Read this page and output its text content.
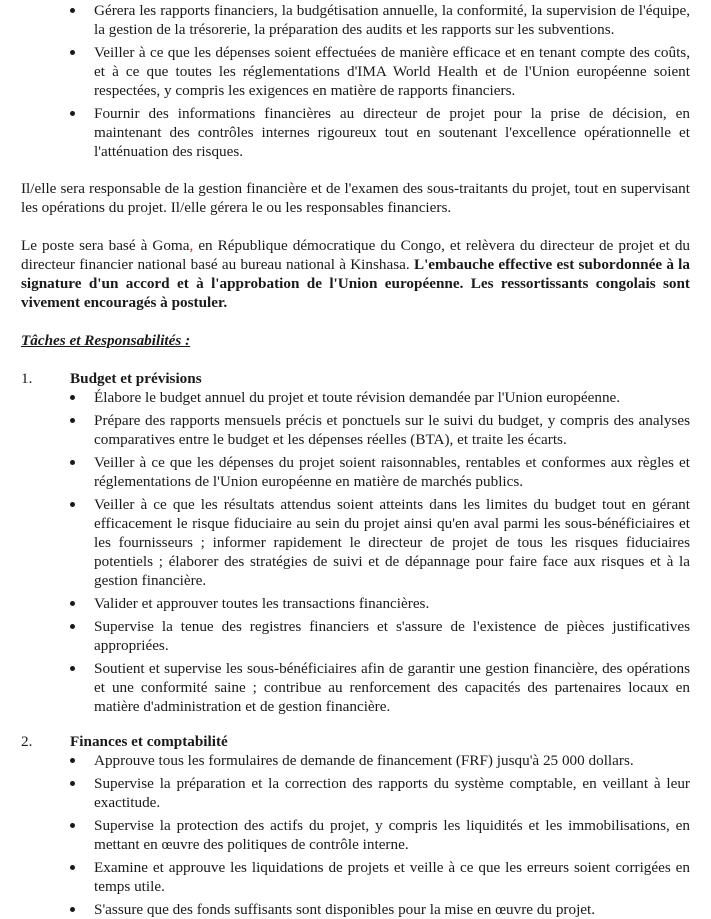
Gérera les rapports financiers, la budgétisation annuelle, la conformité, la supervision de l'équipe, la gestion de la trésorerie, la préparation des audits et les rapports sur les subventions.
Veiller à ce que les dépenses soient effectuées de manière efficace et en tenant compte des coûts, et à ce que toutes les réglementations d'IMA World Health et de l'Union européenne soient respectées, y compris les exigences en matière de rapports financiers.
Fournir des informations financières au directeur de projet pour la prise de décision, en maintenant des contrôles internes rigoureux tout en soutenant l'excellence opérationnelle et l'atténuation des risques.

Il/elle sera responsable de la gestion financière et de l'examen des sous-traitants du projet, tout en supervisant les opérations du projet. Il/elle gérera le ou les responsables financiers.

Le poste sera basé à Goma, en République démocratique du Congo, et relèvera du directeur de projet et du directeur financier national basé au bureau national à Kinshasa. L'embauche effective est subordonnée à la signature d'un accord et à l'approbation de l'Union européenne. Les ressortissants congolais sont vivement encouragés à postuler.

Tâches et Responsabilités :

1. Budget et prévisions
Élabore le budget annuel du projet et toute révision demandée par l'Union européenne.
Prépare des rapports mensuels précis et ponctuels sur le suivi du budget, y compris des analyses comparatives entre le budget et les dépenses réelles (BTA), et traite les écarts.
Veiller à ce que les dépenses du projet soient raisonnables, rentables et conformes aux règles et réglementations de l'Union européenne en matière de marchés publics.
Veiller à ce que les résultats attendus soient atteints dans les limites du budget tout en gérant efficacement le risque fiduciaire au sein du projet ainsi qu'en aval parmi les sous-bénéficiaires et les fournisseurs ; informer rapidement le directeur de projet de tous les risques fiduciaires potentiels ; élaborer des stratégies de suivi et de dépannage pour faire face aux risques et à la gestion financière.
Valider et approuver toutes les transactions financières.
Supervise la tenue des registres financiers et s'assure de l'existence de pièces justificatives appropriées.
Soutient et supervise les sous-bénéficiaires afin de garantir une gestion financière, des opérations et une conformité saine ; contribue au renforcement des capacités des partenaires locaux en matière d'administration et de gestion financière.
2. Finances et comptabilité
Approuve tous les formulaires de demande de financement (FRF) jusqu'à 25 000 dollars.
Supervise la préparation et la correction des rapports du système comptable, en veillant à leur exactitude.
Supervise la protection des actifs du projet, y compris les liquidités et les immobilisations, en mettant en œuvre des politiques de contrôle interne.
Examine et approuve les liquidations de projets et veille à ce que les erreurs soient corrigées en temps utile.
S'assure que des fonds suffisants sont disponibles pour la mise en œuvre du projet.
